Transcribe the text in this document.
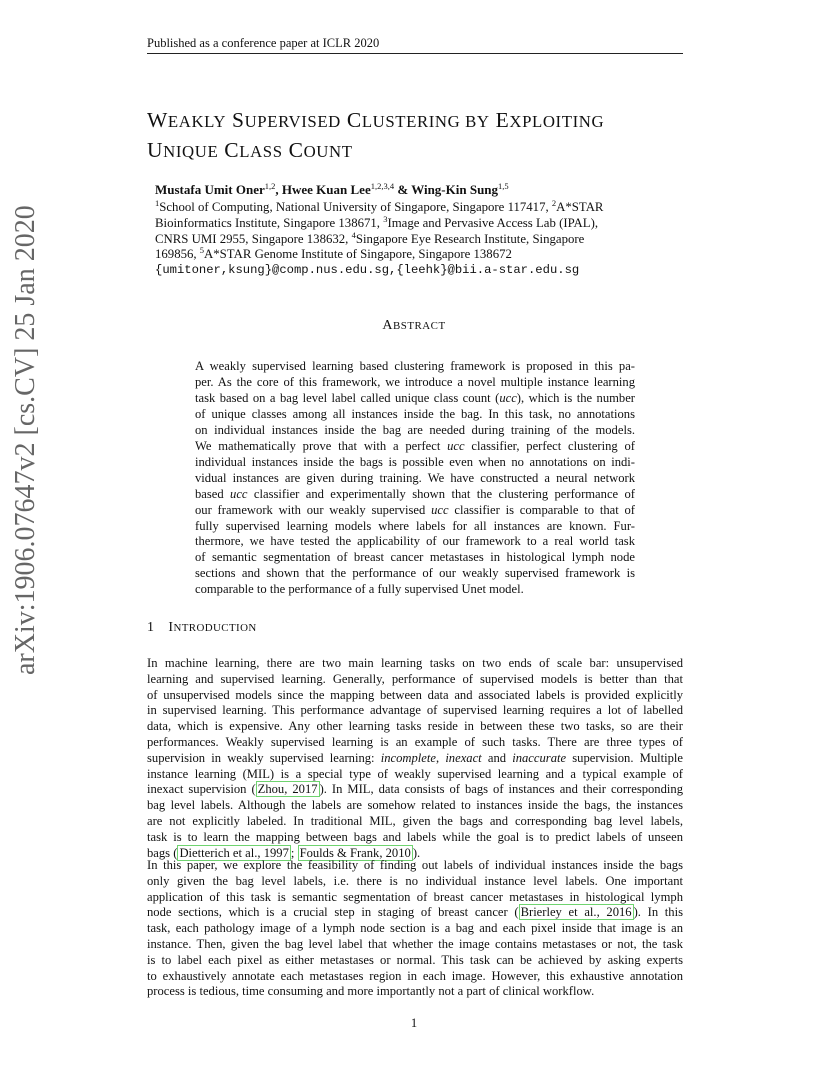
Published as a conference paper at ICLR 2020
WEAKLY SUPERVISED CLUSTERING BY EXPLOITING
UNIQUE CLASS COUNT
Mustafa Umit Oner$^{1,2}$, Hwee Kuan Lee$^{1,2,3,4}$ & Wing-Kin Sung$^{1,5}$
$^1$School of Computing, National University of Singapore, Singapore 117417, $^2$A*STAR
Bioinformatics Institute, Singapore 138671, $^3$Image and Pervasive Access Lab (IPAL),
CNRS UMI 2955, Singapore 138632, $^4$Singapore Eye Research Institute, Singapore
169856, $^5$A*STAR Genome Institute of Singapore, Singapore 138672
{umitoner,ksung}@comp.nus.edu.sg,{leehk}@bii.a-star.edu.sg
ABSTRACT
A weakly supervised learning based clustering framework is proposed in this pa-
per. As the core of this framework, we introduce a novel multiple instance learning
task based on a bag level label called unique class count (ucc), which is the number
of unique classes among all instances inside the bag. In this task, no annotations
on individual instances inside the bag are needed during training of the models.
We mathematically prove that with a perfect ucc classifier, perfect clustering of
individual instances inside the bags is possible even when no annotations on indi-
vidual instances are given during training. We have constructed a neural network
based ucc classifier and experimentally shown that the clustering performance of
our framework with our weakly supervised ucc classifier is comparable to that of
fully supervised learning models where labels for all instances are known. Fur-
thermore, we have tested the applicability of our framework to a real world task
of semantic segmentation of breast cancer metastases in histological lymph node
sections and shown that the performance of our weakly supervised framework is
comparable to the performance of a fully supervised Unet model.
1 INTRODUCTION
In machine learning, there are two main learning tasks on two ends of scale bar: unsupervised
learning and supervised learning. Generally, performance of supervised models is better than that
of unsupervised models since the mapping between data and associated labels is provided explicitly
in supervised learning. This performance advantage of supervised learning requires a lot of labelled
data, which is expensive. Any other learning tasks reside in between these two tasks, so are their
performances. Weakly supervised learning is an example of such tasks. There are three types of
supervision in weakly supervised learning: incomplete, inexact and inaccurate supervision. Multiple
instance learning (MIL) is a special type of weakly supervised learning and a typical example of
inexact supervision ( Zhou, 2017 ). In MIL, data consists of bags of instances and their corresponding
bag level labels. Although the labels are somehow related to instances inside the bags, the instances
are not explicitly labeled. In traditional MIL, given the bags and corresponding bag level labels,
task is to learn the mapping between bags and labels while the goal is to predict labels of unseen
bags ( Dietterich et al., 1997 ; Foulds & Frank, 2010 ).
In this paper, we explore the feasibility of finding out labels of individual instances inside the bags
only given the bag level labels, i.e. there is no individual instance level labels. One important
application of this task is semantic segmentation of breast cancer metastases in histological lymph
node sections, which is a crucial step in staging of breast cancer ( Brierley et al., 2016 ). In this
task, each pathology image of a lymph node section is a bag and each pixel inside that image is an
instance. Then, given the bag level label that whether the image contains metastases or not, the task
is to label each pixel as either metastases or normal. This task can be achieved by asking experts
to exhaustively annotate each metastases region in each image. However, this exhaustive annotation
process is tedious, time consuming and more importantly not a part of clinical workflow.
1
arXiv:1906.07647v2 [cs.CV] 25 Jan 2020
